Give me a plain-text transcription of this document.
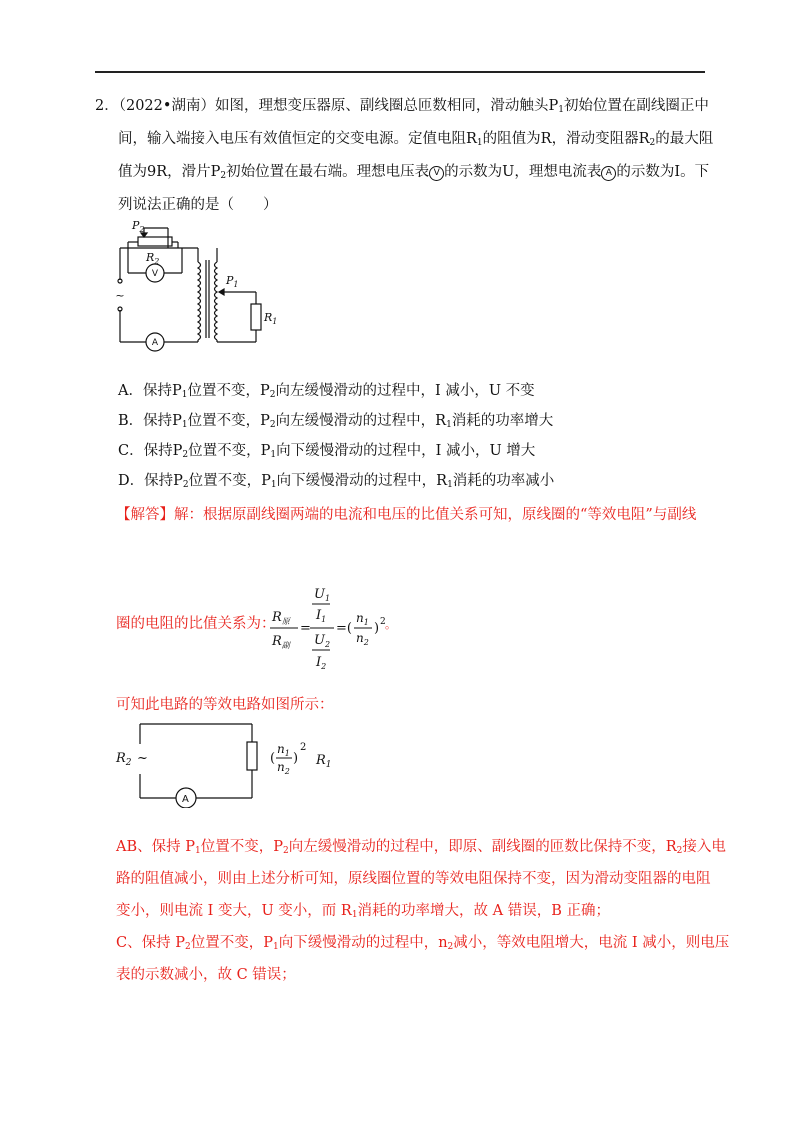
2．（2022•湖南）如图，理想变压器原、副线圈总匝数相同，滑动触头$P_1$初始位置在副线圈正中
间，输入端接入电压有效值恒定的交变电源。定值电阻$R_1$的阻值为R，滑动变阻器$R_2$的最大阻
值为9R，滑片$P_2$初始位置在最右端。理想电压表 V 的示数为U，理想电流表 A 的示数为I。下
列说法正确的是（　　）
$P_2$
$R_2$
$P_1$
$R_1$
V
A
~
A．保持$P_1$位置不变，$P_2$向左缓慢滑动的过程中，I 减小，U 不变
B．保持$P_1$位置不变，$P_2$向左缓慢滑动的过程中，$R_1$消耗的功率增大
C．保持$P_2$位置不变，$P_1$向下缓慢滑动的过程中，I 减小，U 增大
D．保持$P_2$位置不变，$P_1$向下缓慢滑动的过程中，$R_1$消耗的功率减小
【解答】解：根据原副线圈两端的电流和电压的比值关系可知，原线圈的“等效电阻”与副线
圈的电阻的比值关系为：
$R_原$
$R_副$
=
$U_1$
$I_1$
$U_2$
$I_2$
=(
$n_1$
$n_2$
) 2 。
可知此电路的等效电路如图所示：
$R_2$ ~
A
(
$n_1$
$n_2$
)
2
$R_1$
AB、保持 $P_1$位置不变，$P_2$向左缓慢滑动的过程中，即原、副线圈的匝数比保持不变，$R_2$接入电
路的阻值减小，则由上述分析可知，原线圈位置的等效电阻保持不变，因为滑动变阻器的电阻
变小，则电流 I 变大，U 变小，而 $R_1$消耗的功率增大，故 A 错误，B 正确；
C、保持 $P_2$位置不变，$P_1$向下缓慢滑动的过程中，$n_2$减小，等效电阻增大，电流 I 减小，则电压
表的示数减小，故 C 错误；
